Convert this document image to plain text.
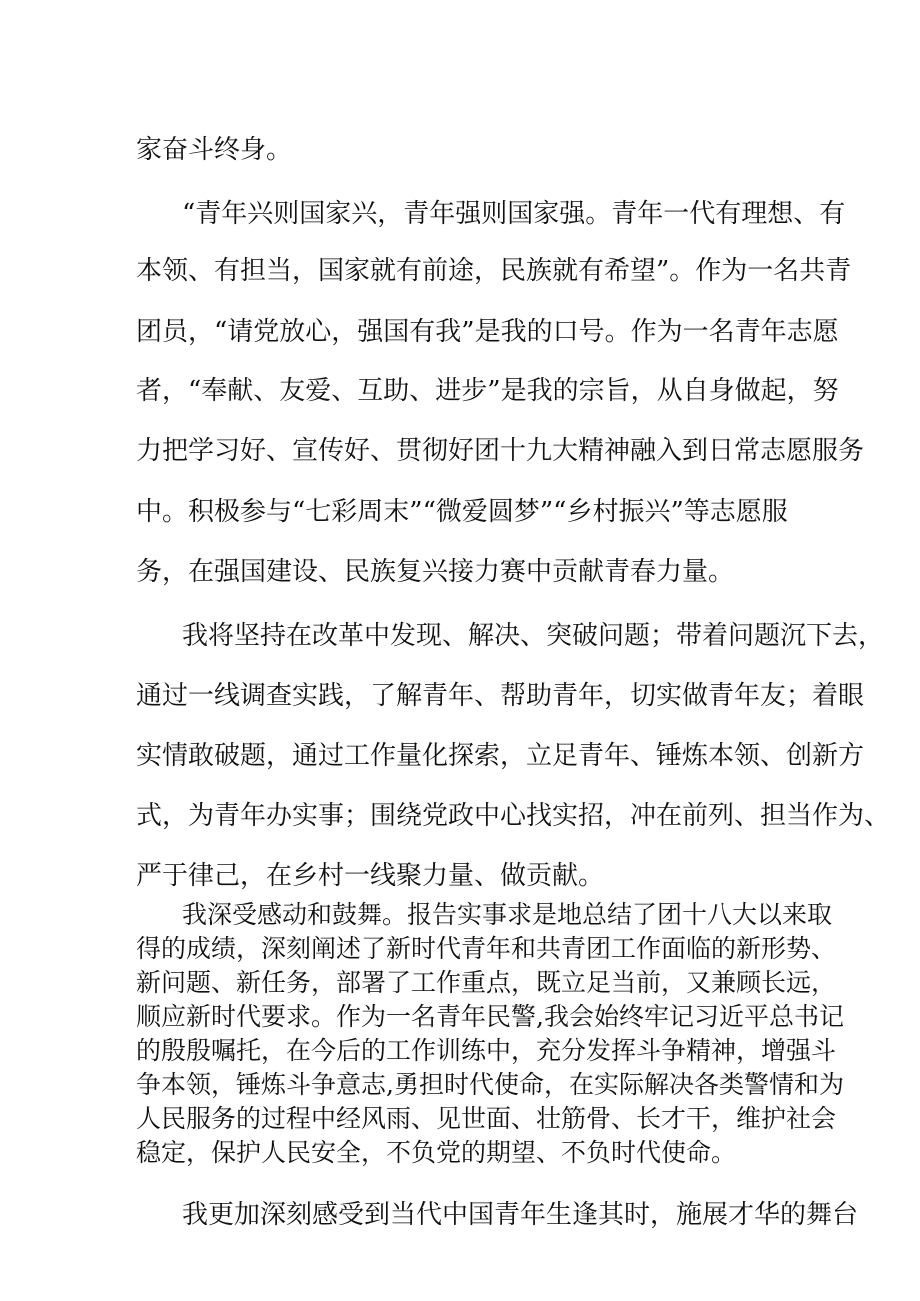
家奋斗终身。

“青年兴则国家兴，青年强则国家强。青年一代有理想、有

本领、有担当，国家就有前途，民族就有希望”。作为一名共青

团员，“请党放心，强国有我”是我的口号。作为一名青年志愿

者，“奉献、友爱、互助、进步”是我的宗旨，从自身做起，努

力把学习好、宣传好、贯彻好团十九大精神融入到日常志愿服务

中。积极参与“七彩周末”“微爱圆梦”“乡村振兴”等志愿服

务，在强国建设、民族复兴接力赛中贡献青春力量。

我将坚持在改革中发现、解决、突破问题；带着问题沉下去，

通过一线调查实践，了解青年、帮助青年，切实做青年友；着眼

实情敢破题，通过工作量化探索，立足青年、锤炼本领、创新方

式，为青年办实事；围绕党政中心找实招，冲在前列、担当作为、

严于律己，在乡村一线聚力量、做贡献。

我深受感动和鼓舞。报告实事求是地总结了团十八大以来取

得的成绩，深刻阐述了新时代青年和共青团工作面临的新形势、

新问题、新任务，部署了工作重点，既立足当前，又兼顾长远，

顺应新时代要求。作为一名青年民警,我会始终牢记习近平总书记

的殷殷嘱托，在今后的工作训练中，充分发挥斗争精神，增强斗

争本领，锤炼斗争意志,勇担时代使命，在实际解决各类警情和为

人民服务的过程中经风雨、见世面、壮筋骨、长才干，维护社会

稳定，保护人民安全，不负党的期望、不负时代使命。

我更加深刻感受到当代中国青年生逢其时，施展才华的舞台
